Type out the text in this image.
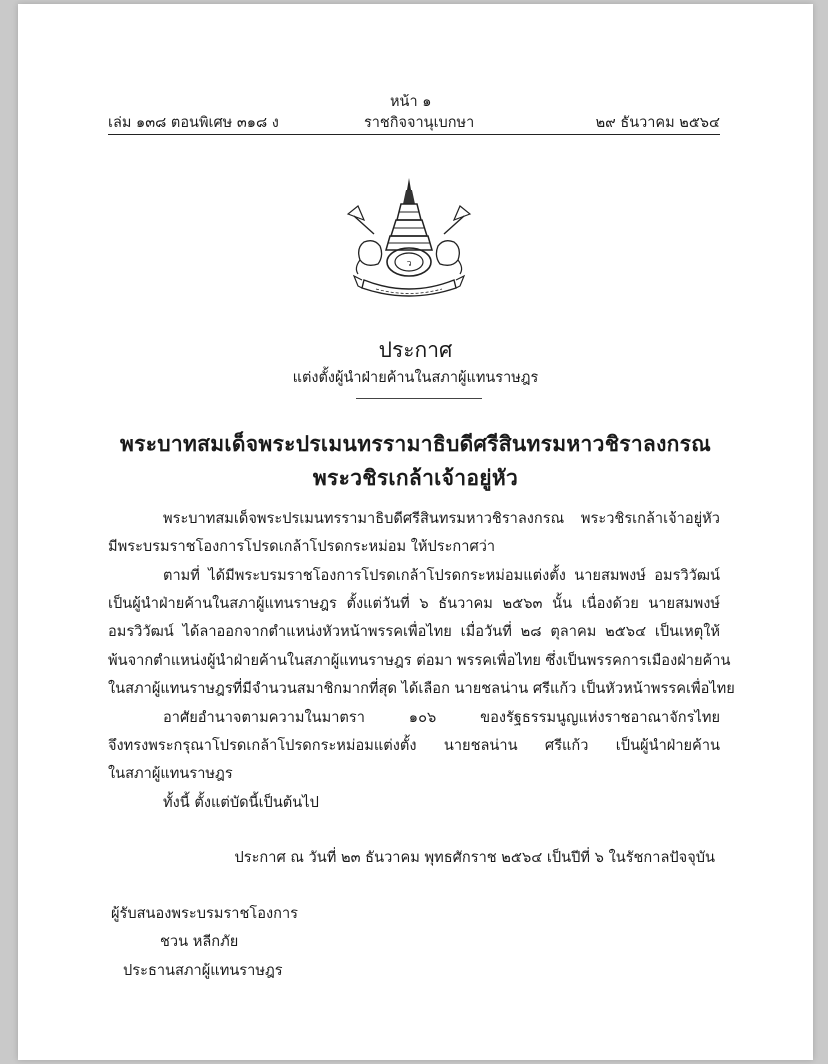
หน้า ๑
เล่ม ๑๓๘ ตอนพิเศษ ๓๑๘ ง	ราชกิจจานุเบกษา	๒๙ ธันวาคม ๒๕๖๔
ว
ประกาศ
แต่งตั้งผู้นำฝ่ายค้านในสภาผู้แทนราษฎร
พระบาทสมเด็จพระปรเมนทรรามาธิบดีศรีสินทรมหาวชิราลงกรณ
พระวชิรเกล้าเจ้าอยู่หัว
พระบาทสมเด็จพระปรเมนทรรามาธิบดีศรีสินทรมหาวชิราลงกรณ พระวชิรเกล้าเจ้าอยู่หัว
มีพระบรมราชโองการโปรดเกล้าโปรดกระหม่อม ให้ประกาศว่า
ตามที่ ได้มีพระบรมราชโองการโปรดเกล้าโปรดกระหม่อมแต่งตั้ง นายสมพงษ์ อมรวิวัฒน์
เป็นผู้นำฝ่ายค้านในสภาผู้แทนราษฎร ตั้งแต่วันที่ ๖ ธันวาคม ๒๕๖๓ นั้น เนื่องด้วย นายสมพงษ์
อมรวิวัฒน์ ได้ลาออกจากตำแหน่งหัวหน้าพรรคเพื่อไทย เมื่อวันที่ ๒๘ ตุลาคม ๒๕๖๔ เป็นเหตุให้
พ้นจากตำแหน่งผู้นำฝ่ายค้านในสภาผู้แทนราษฎร ต่อมา พรรคเพื่อไทย ซึ่งเป็นพรรคการเมืองฝ่ายค้าน
ในสภาผู้แทนราษฎรที่มีจำนวนสมาชิกมากที่สุด ได้เลือก นายชลน่าน ศรีแก้ว เป็นหัวหน้าพรรคเพื่อไทย
อาศัยอำนาจตามความในมาตรา ๑๐๖ ของรัฐธรรมนูญแห่งราชอาณาจักรไทย
จึงทรงพระกรุณาโปรดเกล้าโปรดกระหม่อมแต่งตั้ง นายชลน่าน ศรีแก้ว เป็นผู้นำฝ่ายค้าน
ในสภาผู้แทนราษฎร
ทั้งนี้ ตั้งแต่บัดนี้เป็นต้นไป
ประกาศ ณ วันที่ ๒๓ ธันวาคม พุทธศักราช ๒๕๖๔ เป็นปีที่ ๖ ในรัชกาลปัจจุบัน
ผู้รับสนองพระบรมราชโองการ
ชวน หลีกภัย
ประธานสภาผู้แทนราษฎร
